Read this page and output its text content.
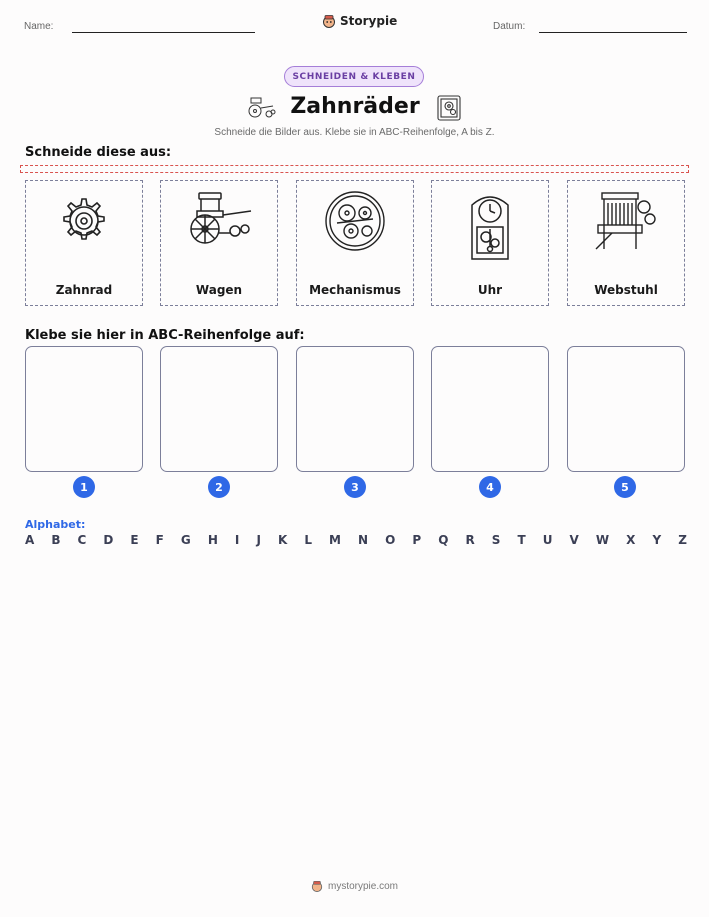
Name:	Storypie	Datum:
SCHNEIDEN & KLEBEN
Zahnräder
Schneide die Bilder aus. Klebe sie in ABC-Reihenfolge, A bis Z.
Schneide diese aus:
Zahnrad	Wagen	Mechanismus	Uhr	Webstuhl
Klebe sie hier in ABC-Reihenfolge auf:
1	2	3	4	5
Alphabet:
A B C D E F G H I J K L M N O P Q R S T U V W X Y Z
mystorypie.com
